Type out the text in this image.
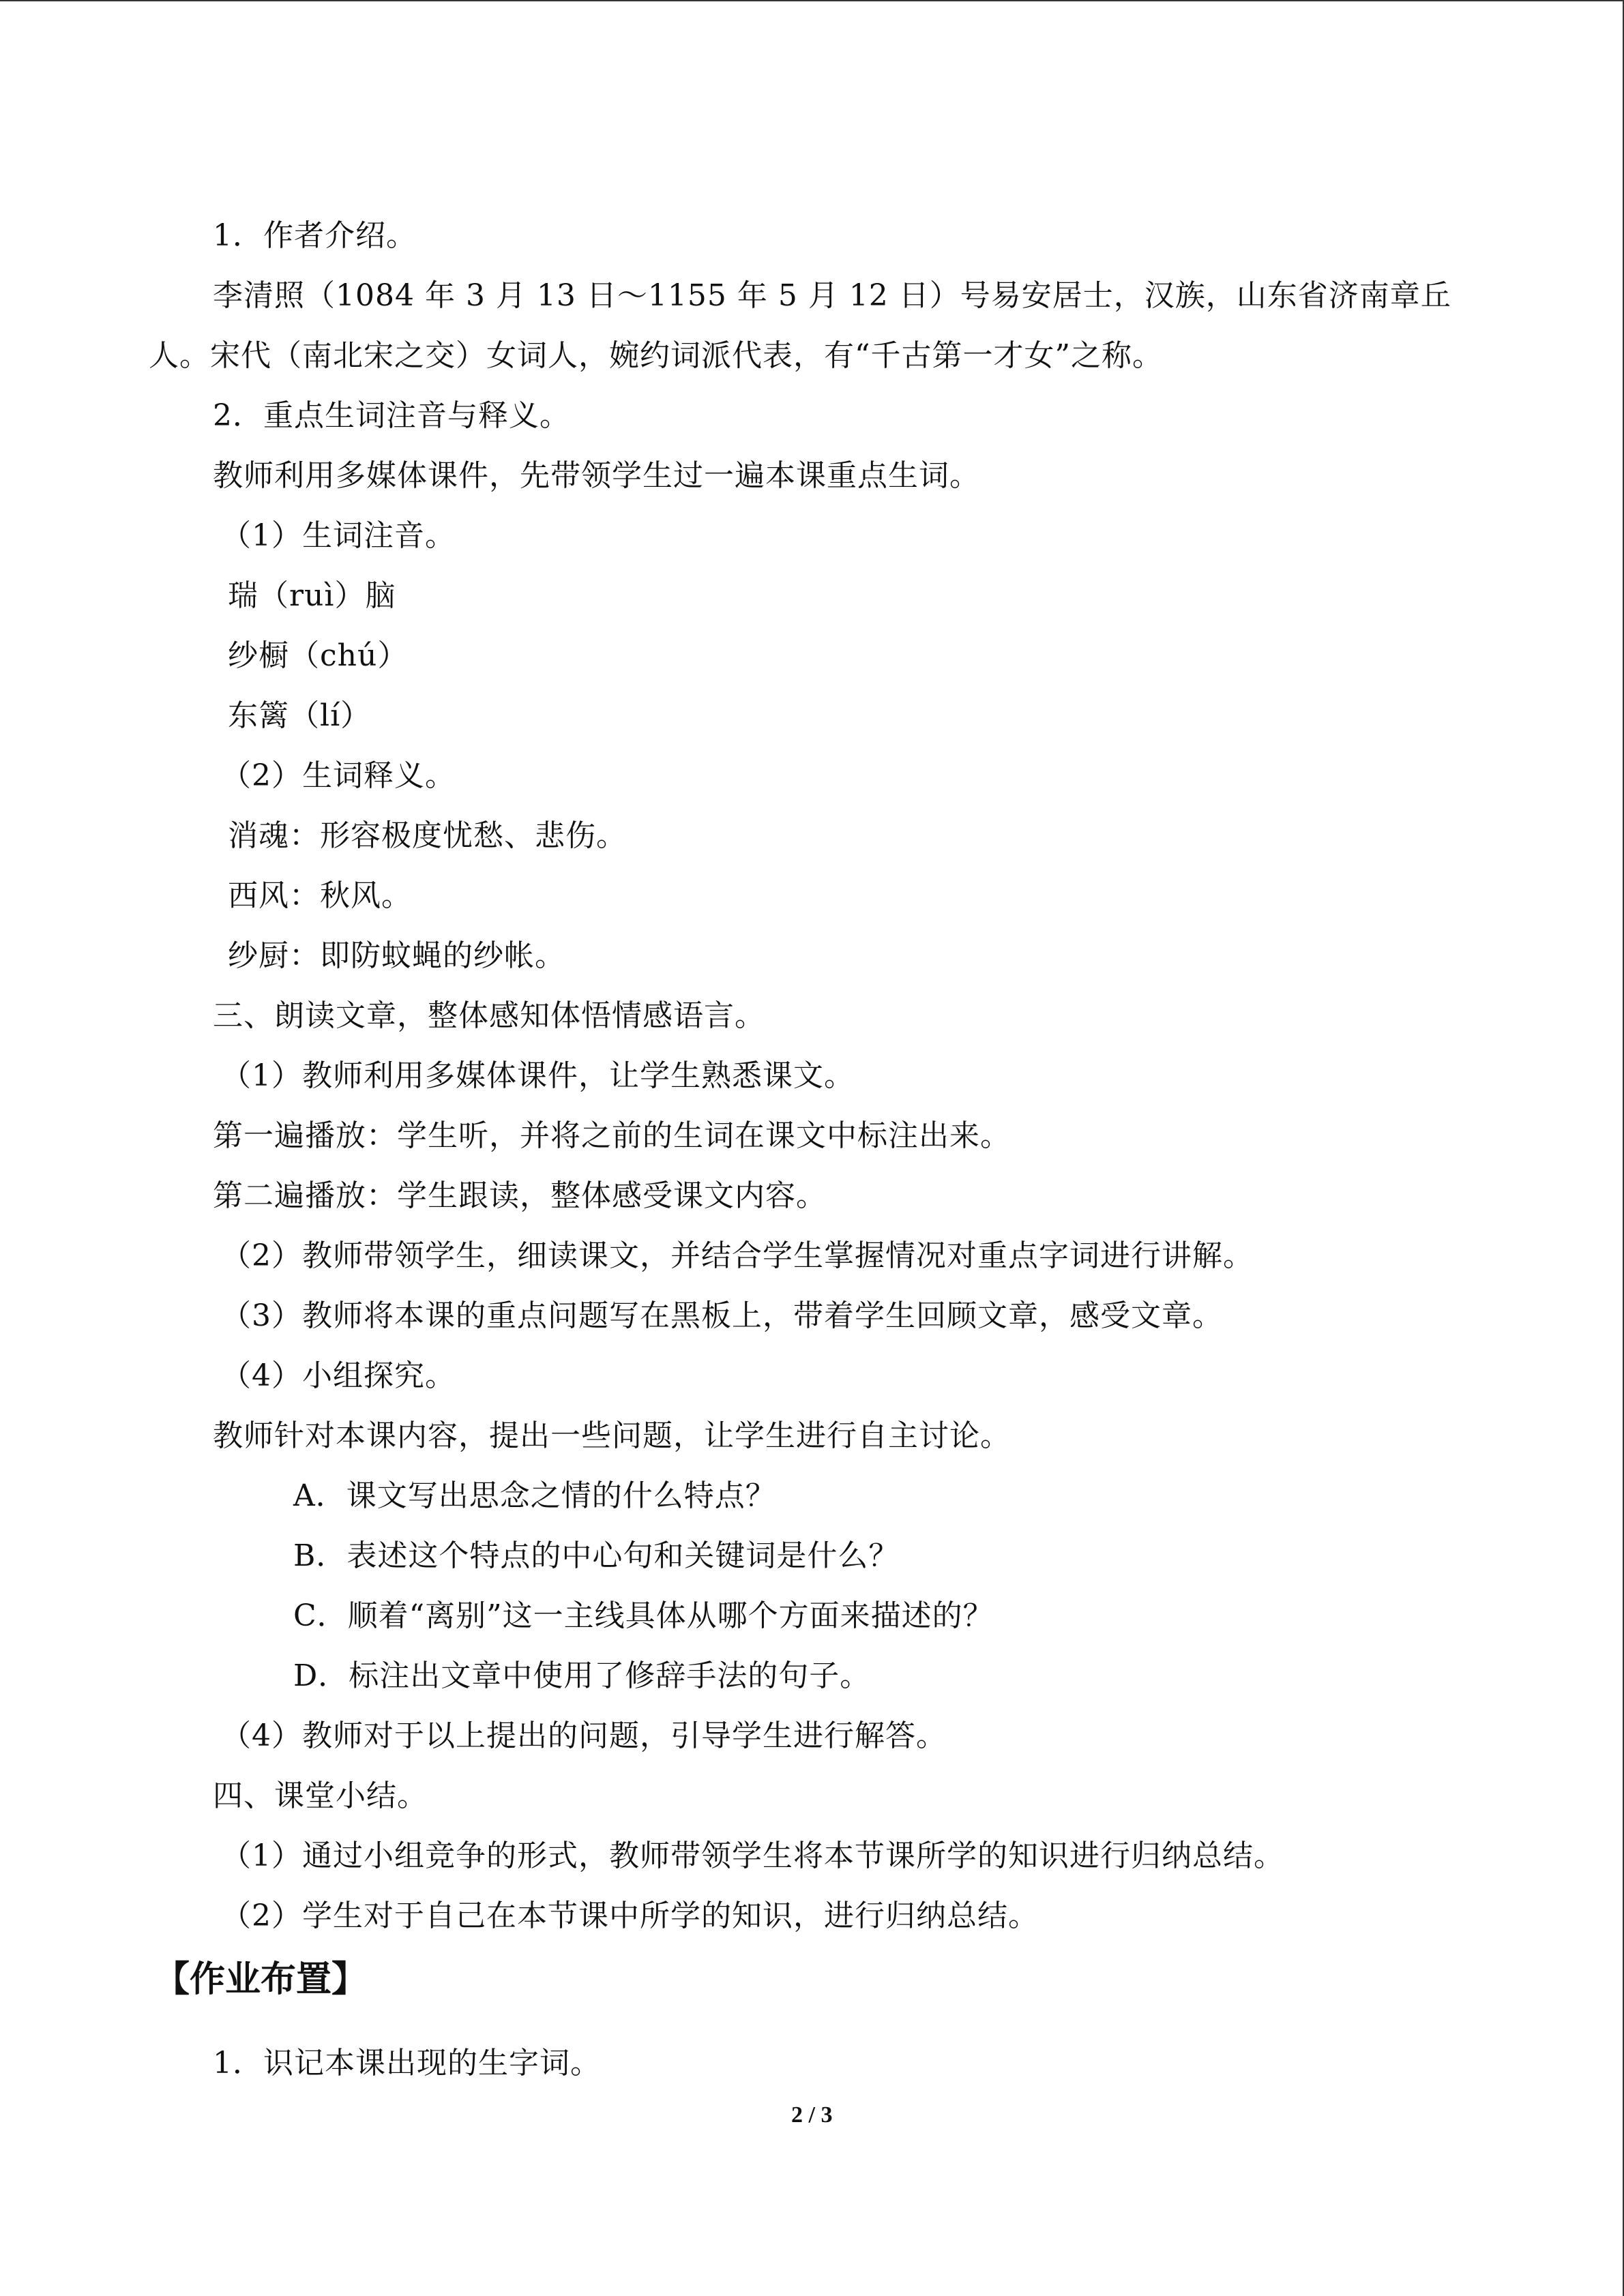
1．作者介绍。
李清照（1084 年 3 月 13 日～1155 年 5 月 12 日）号易安居士，汉族，山东省济南章丘
人。宋代（南北宋之交）女词人，婉约词派代表，有“千古第一才女”之称。
2．重点生词注音与释义。
教师利用多媒体课件，先带领学生过一遍本课重点生词。
（1）生词注音。
瑞（ruì）脑
纱橱（chú）
东篱（lí）
（2）生词释义。
消魂：形容极度忧愁、悲伤。
西风：秋风。
纱厨：即防蚊蝇的纱帐。
三、朗读文章，整体感知体悟情感语言。
（1）教师利用多媒体课件，让学生熟悉课文。
第一遍播放：学生听，并将之前的生词在课文中标注出来。
第二遍播放：学生跟读，整体感受课文内容。
（2）教师带领学生，细读课文，并结合学生掌握情况对重点字词进行讲解。
（3）教师将本课的重点问题写在黑板上，带着学生回顾文章，感受文章。
（4）小组探究。
教师针对本课内容，提出一些问题，让学生进行自主讨论。
A．课文写出思念之情的什么特点？
B．表述这个特点的中心句和关键词是什么？
C．顺着“离别”这一主线具体从哪个方面来描述的？
D．标注出文章中使用了修辞手法的句子。
（4）教师对于以上提出的问题，引导学生进行解答。
四、课堂小结。
（1）通过小组竞争的形式，教师带领学生将本节课所学的知识进行归纳总结。
（2）学生对于自己在本节课中所学的知识，进行归纳总结。
【作业布置】
1．识记本课出现的生字词。
2 / 3
